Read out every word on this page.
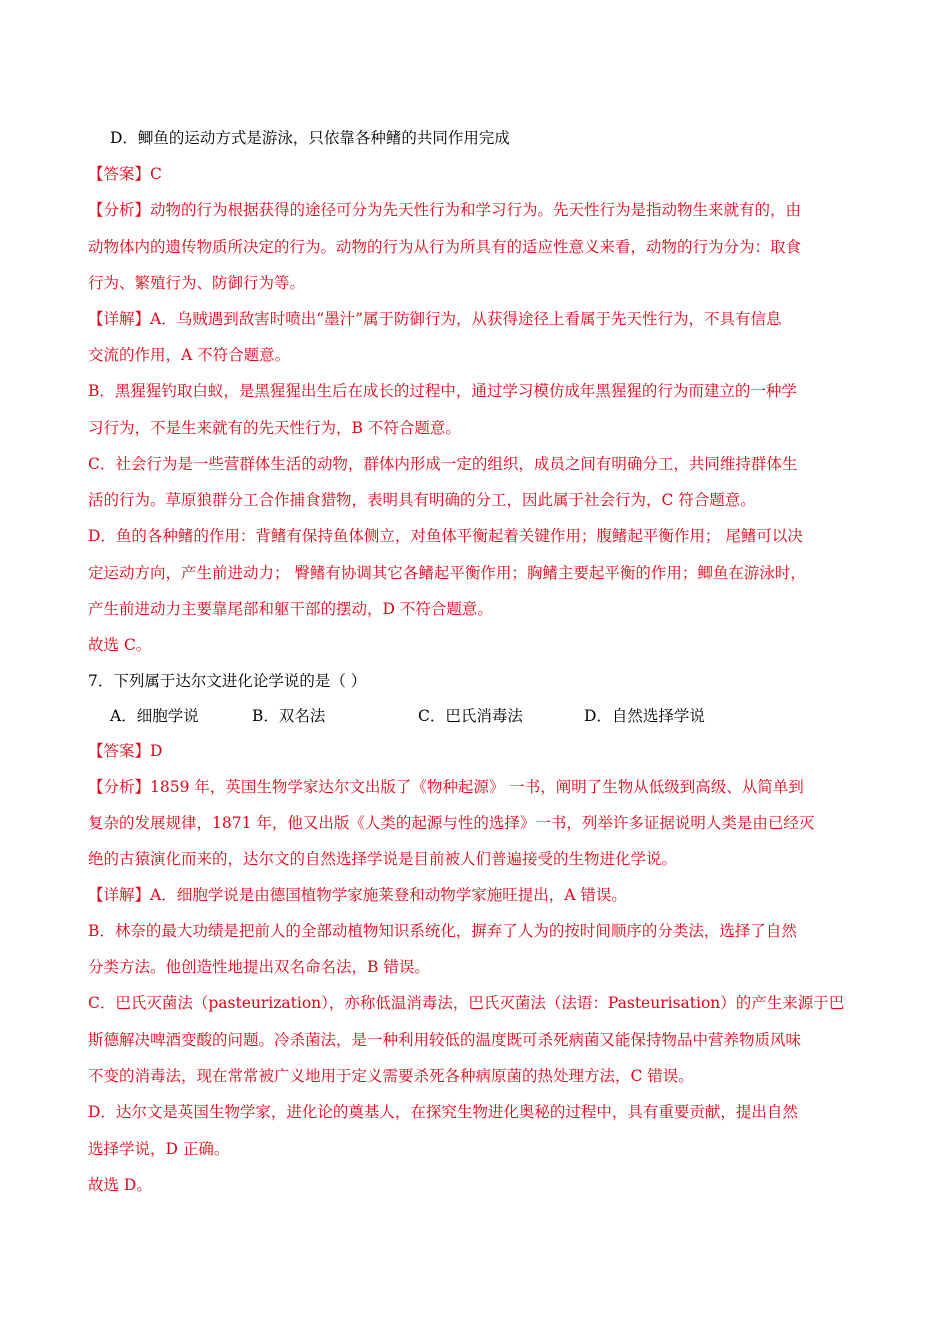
D．鲫鱼的运动方式是游泳，只依靠各种鳍的共同作用完成
【答案】C
【分析】动物的行为根据获得的途径可分为先天性行为和学习行为。先天性行为是指动物生来就有的，由
动物体内的遗传物质所决定的行为。动物的行为从行为所具有的适应性意义来看，动物的行为分为：取食
行为、繁殖行为、防御行为等。
【详解】A．乌贼遇到敌害时喷出“墨汁”属于防御行为，从获得途径上看属于先天性行为，不具有信息
交流的作用，A 不符合题意。
B．黑猩猩钓取白蚁，是黑猩猩出生后在成长的过程中，通过学习模仿成年黑猩猩的行为而建立的一种学
习行为，不是生来就有的先天性行为，B 不符合题意。
C．社会行为是一些营群体生活的动物，群体内形成一定的组织，成员之间有明确分工，共同维持群体生
活的行为。草原狼群分工合作捕食猎物，表明具有明确的分工，因此属于社会行为，C 符合题意。
D．鱼的各种鳍的作用：背鳍有保持鱼体侧立，对鱼体平衡起着关键作用；腹鳍起平衡作用； 尾鳍可以决
定运动方向，产生前进动力； 臀鳍有协调其它各鳍起平衡作用；胸鳍主要起平衡的作用；鲫鱼在游泳时，
产生前进动力主要靠尾部和躯干部的摆动，D 不符合题意。
故选 C。
7．下列属于达尔文进化论学说的是（ ）
A．细胞学说	B．双名法	C．巴氏消毒法	D．自然选择学说
【答案】D
【分析】1859 年，英国生物学家达尔文出版了《物种起源》 一书，阐明了生物从低级到高级、从简单到
复杂的发展规律，1871 年，他又出版《人类的起源与性的选择》一书，列举许多证据说明人类是由已经灭
绝的古猿演化而来的，达尔文的自然选择学说是目前被人们普遍接受的生物进化学说。
【详解】A．细胞学说是由德国植物学家施莱登和动物学家施旺提出，A 错误。
B．林奈的最大功绩是把前人的全部动植物知识系统化，摒弃了人为的按时间顺序的分类法，选择了自然
分类方法。他创造性地提出双名命名法，B 错误。
C．巴氏灭菌法（pasteurization），亦称低温消毒法，巴氏灭菌法（法语：Pasteurisation）的产生来源于巴
斯德解决啤酒变酸的问题。冷杀菌法，是一种利用较低的温度既可杀死病菌又能保持物品中营养物质风味
不变的消毒法，现在常常被广义地用于定义需要杀死各种病原菌的热处理方法，C 错误。
D．达尔文是英国生物学家，进化论的奠基人，在探究生物进化奥秘的过程中，具有重要贡献，提出自然
选择学说，D 正确。
故选 D。
